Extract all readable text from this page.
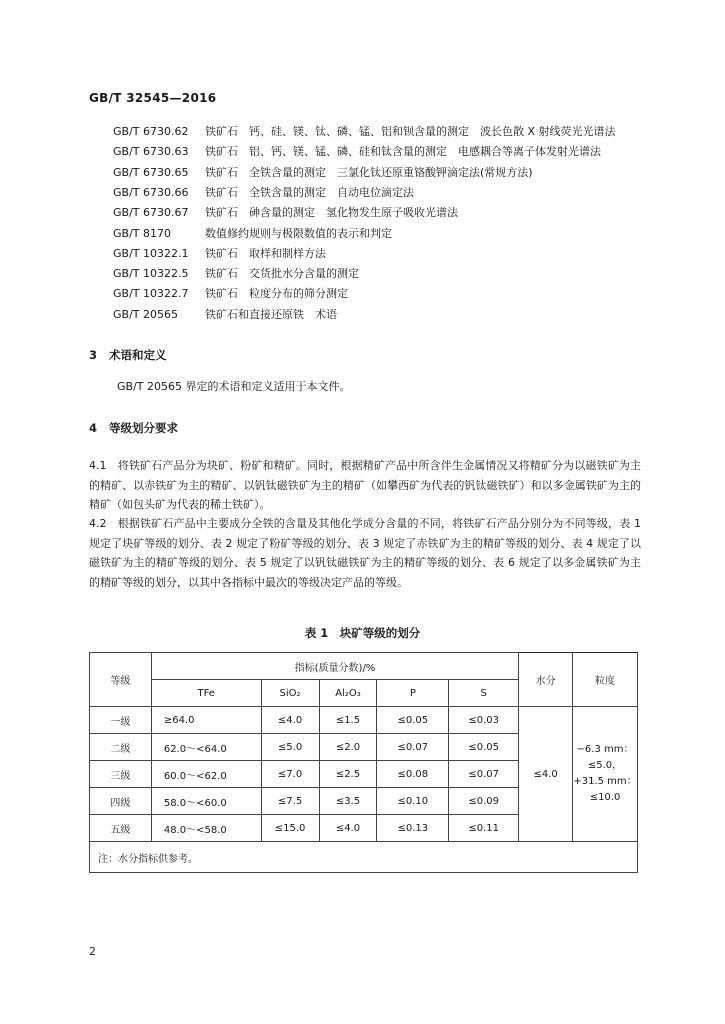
GB/T 32545—2016
GB/T 6730.62 铁矿石　钙、硅、镁、钛、磷、锰、铝和钡含量的测定　波长色散 X 射线荧光光谱法
GB/T 6730.63 铁矿石　铝、钙、镁、锰、磷、硅和钛含量的测定　电感耦合等离子体发射光谱法
GB/T 6730.65 铁矿石　全铁含量的测定　三氯化钛还原重铬酸钾滴定法(常规方法)
GB/T 6730.66 铁矿石　全铁含量的测定　自动电位滴定法
GB/T 6730.67 铁矿石　砷含量的测定　氢化物发生原子吸收光谱法
GB/T 8170	数值修约规则与极限数值的表示和判定
GB/T 10322.1 铁矿石　取样和制样方法
GB/T 10322.5 铁矿石　交货批水分含量的测定
GB/T 10322.7 铁矿石　粒度分布的筛分测定
GB/T 20565 铁矿石和直接还原铁　术语
3 术语和定义
GB/T 20565 界定的术语和定义适用于本文件。
4 等级划分要求
4.1　将铁矿石产品分为块矿、粉矿和精矿。同时，根据精矿产品中所含伴生金属情况又将精矿分为以磁铁矿为主的精矿、以赤铁矿为主的精矿、以钒钛磁铁矿为主的精矿（如攀西矿为代表的钒钛磁铁矿）和以多金属铁矿为主的精矿（如包头矿为代表的稀土铁矿）。
4.2　根据铁矿石产品中主要成分全铁的含量及其他化学成分含量的不同，将铁矿石产品分别分为不同等级，表 1 规定了块矿等级的划分、表 2 规定了粉矿等级的划分、表 3 规定了赤铁矿为主的精矿等级的划分、表 4 规定了以磁铁矿为主的精矿等级的划分、表 5 规定了以钒钛磁铁矿为主的精矿等级的划分、表 6 规定了以多金属铁矿为主的精矿等级的划分，以其中各指标中最次的等级决定产品的等级。
表 1　块矿等级的划分
等级	指标(质量分数)/%					水分	粒度
	TFe	SiO₂	Al₂O₃	P	S		
一级	≥64.0	≤4.0	≤1.5	≤0.05	≤0.03	≤4.0	−6.3 mm：
≤5.0，
+31.5 mm：
≤10.0

二级	62.0～<64.0	≤5.0	≤2.0	≤0.07	≤0.05		
三级	60.0～<62.0	≤7.0	≤2.5	≤0.08	≤0.07		
四级	58.0～<60.0	≤7.5	≤3.5	≤0.10	≤0.09		
五级	48.0～<58.0	≤15.0	≤4.0	≤0.13	≤0.11		
注：水分指标供参考。							
2
